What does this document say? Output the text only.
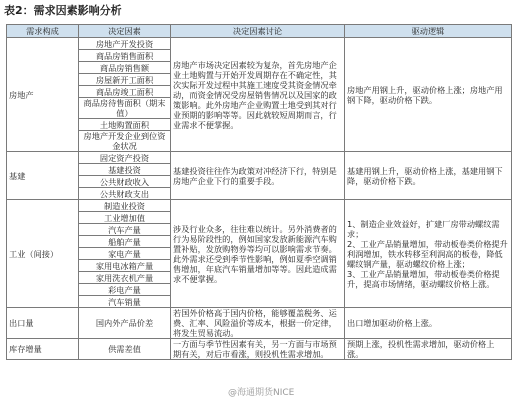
表2：需求因素影响分析
需求构成	决定因素	决定因素讨论	驱动逻辑
房地产	房地产开发投资	房地产市场决定因素较为复杂，首先房地产企业土地购置与开始开发周期存在不确定性，其次实际开发过程中其施工速度受其资金情况牵动，而资金情况受房屋销售情况以及国家的政策影响。此外房地产企业购置土地受到其对行业预期的影响等等。因此就较短周期而言，行业需求不便掌握。	房地产用钢上升，驱动价格上涨；房地产用钢下降，驱动价格下跌。
	商品房销售面积		
	商品房销售额		
	房屋新开工面积		
	商品房竣工面积		
	商品房待售面积（期末值）		
	土地购置面积		
	房地产开发企业到位资金状况		
基建	固定资产投资	基建投资往往作为政策对冲经济下行，特别是房地产企业下行的重要手段。	基建用钢上升，驱动价格上涨，基建用钢下降，驱动价格下跌。
	基建投资		
	公共财政收入		
	公共财政支出		
工业（间接）	制造业投资	涉及行业众多，往往难以统计。另外消费者的行为易阶段性的，例如国家发放新能源汽车购置补贴，发放购物券等均可以影响需求节奏。此外需求还受到季节性影响，例如夏季空调销售增加，年底汽车销量增加等等。因此造成需求不便掌握。	1、制造企业效益好，扩建厂房带动螺纹需求；
2、工业产品销量增加，带动板卷类价格提升利润增加，铁水转移至利润高的板卷，降低螺纹钢产量，驱动螺纹价格上涨；
3、工业产品销量增加，带动板卷类价格提升，提高市场情绪，驱动螺纹价格上涨。
	工业增加值		
	汽车产量		
	船舶产量		
	家电产量		
	家用电冰箱产量		
	家用洗衣机产量		
	彩电产量		
	汽车销量		
出口量	国内外产品价差	若国外价格高于国内价格，能够覆盖税务、运费、汇率、风险溢价等成本，根据一价定律，将发生贸易流动。	出口增加驱动价格上涨。
库存增量	供需差值	一方面与季节性因素有关，另一方面与市场预期有关，对后市看涨，则投机性需求增加。	预期上涨，投机性需求增加，驱动价格上涨。
@海通期货NICE
